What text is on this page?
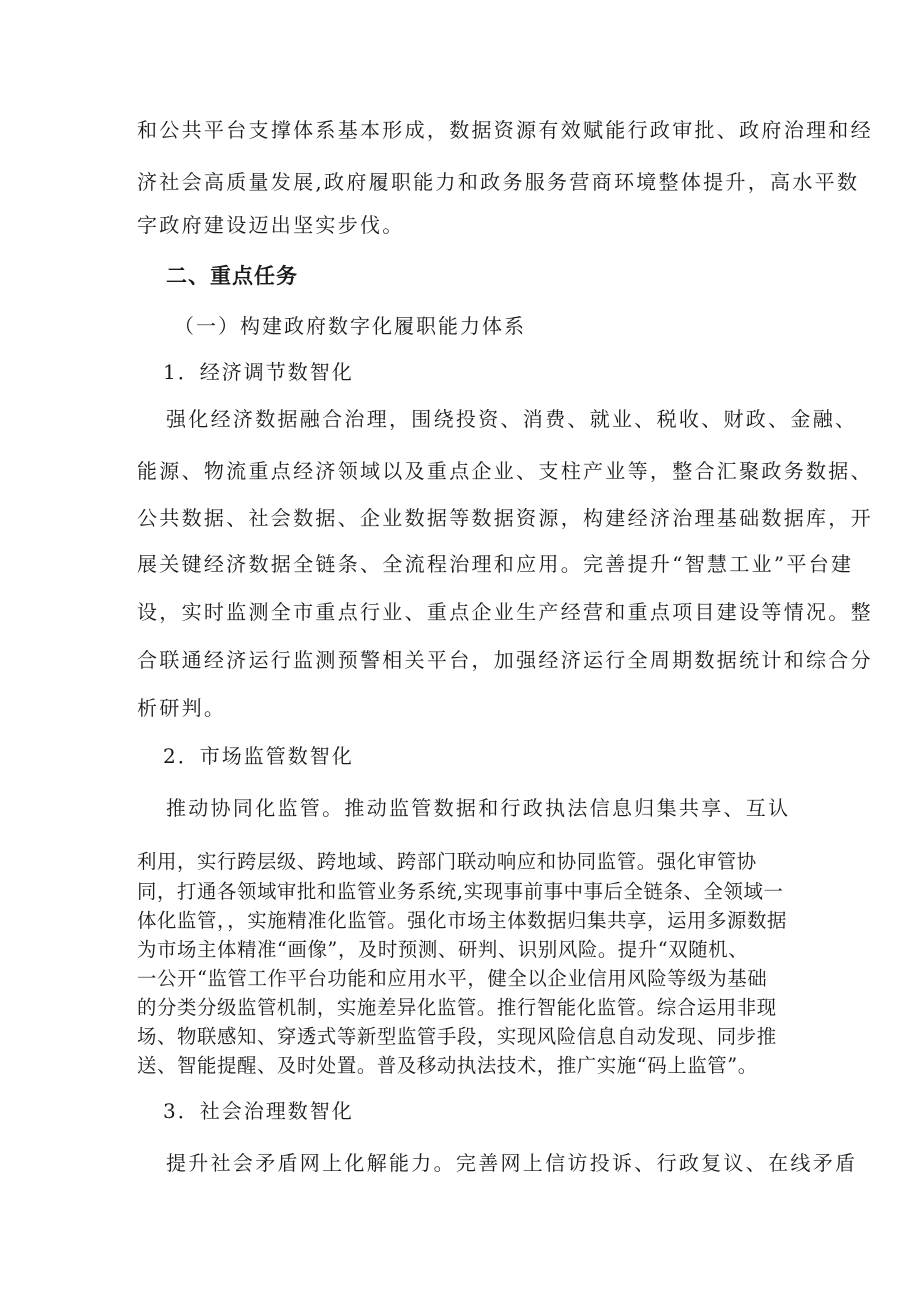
和公共平台支撑体系基本形成，数据资源有效赋能行政审批、政府治理和经
济社会高质量发展,政府履职能力和政务服务营商环境整体提升，高水平数
字政府建设迈出坚实步伐。
二、重点任务
（一）构建政府数字化履职能力体系
1．经济调节数智化
强化经济数据融合治理，围绕投资、消费、就业、税收、财政、金融、
能源、物流重点经济领域以及重点企业、支柱产业等，整合汇聚政务数据、
公共数据、社会数据、企业数据等数据资源，构建经济治理基础数据库，开
展关键经济数据全链条、全流程治理和应用。完善提升“智慧工业”平台建
设，实时监测全市重点行业、重点企业生产经营和重点项目建设等情况。整
合联通经济运行监测预警相关平台，加强经济运行全周期数据统计和综合分
析研判。
2．市场监管数智化
推动协同化监管。推动监管数据和行政执法信息归集共享、互认
利用，实行跨层级、跨地域、跨部门联动响应和协同监管。强化审管协
同，打通各领域审批和监管业务系统,实现事前事中事后全链条、全领域一
体化监管，，实施精准化监管。强化市场主体数据归集共享，运用多源数据
为市场主体精准“画像”，及时预测、研判、识别风险。提升“双随机、
一公开“监管工作平台功能和应用水平，健全以企业信用风险等级为基础
的分类分级监管机制，实施差异化监管。推行智能化监管。综合运用非现
场、物联感知、穿透式等新型监管手段，实现风险信息自动发现、同步推
送、智能提醒、及时处置。普及移动执法技术，推广实施“码上监管”。
3．社会治理数智化
提升社会矛盾网上化解能力。完善网上信访投诉、行政复议、在线矛盾
